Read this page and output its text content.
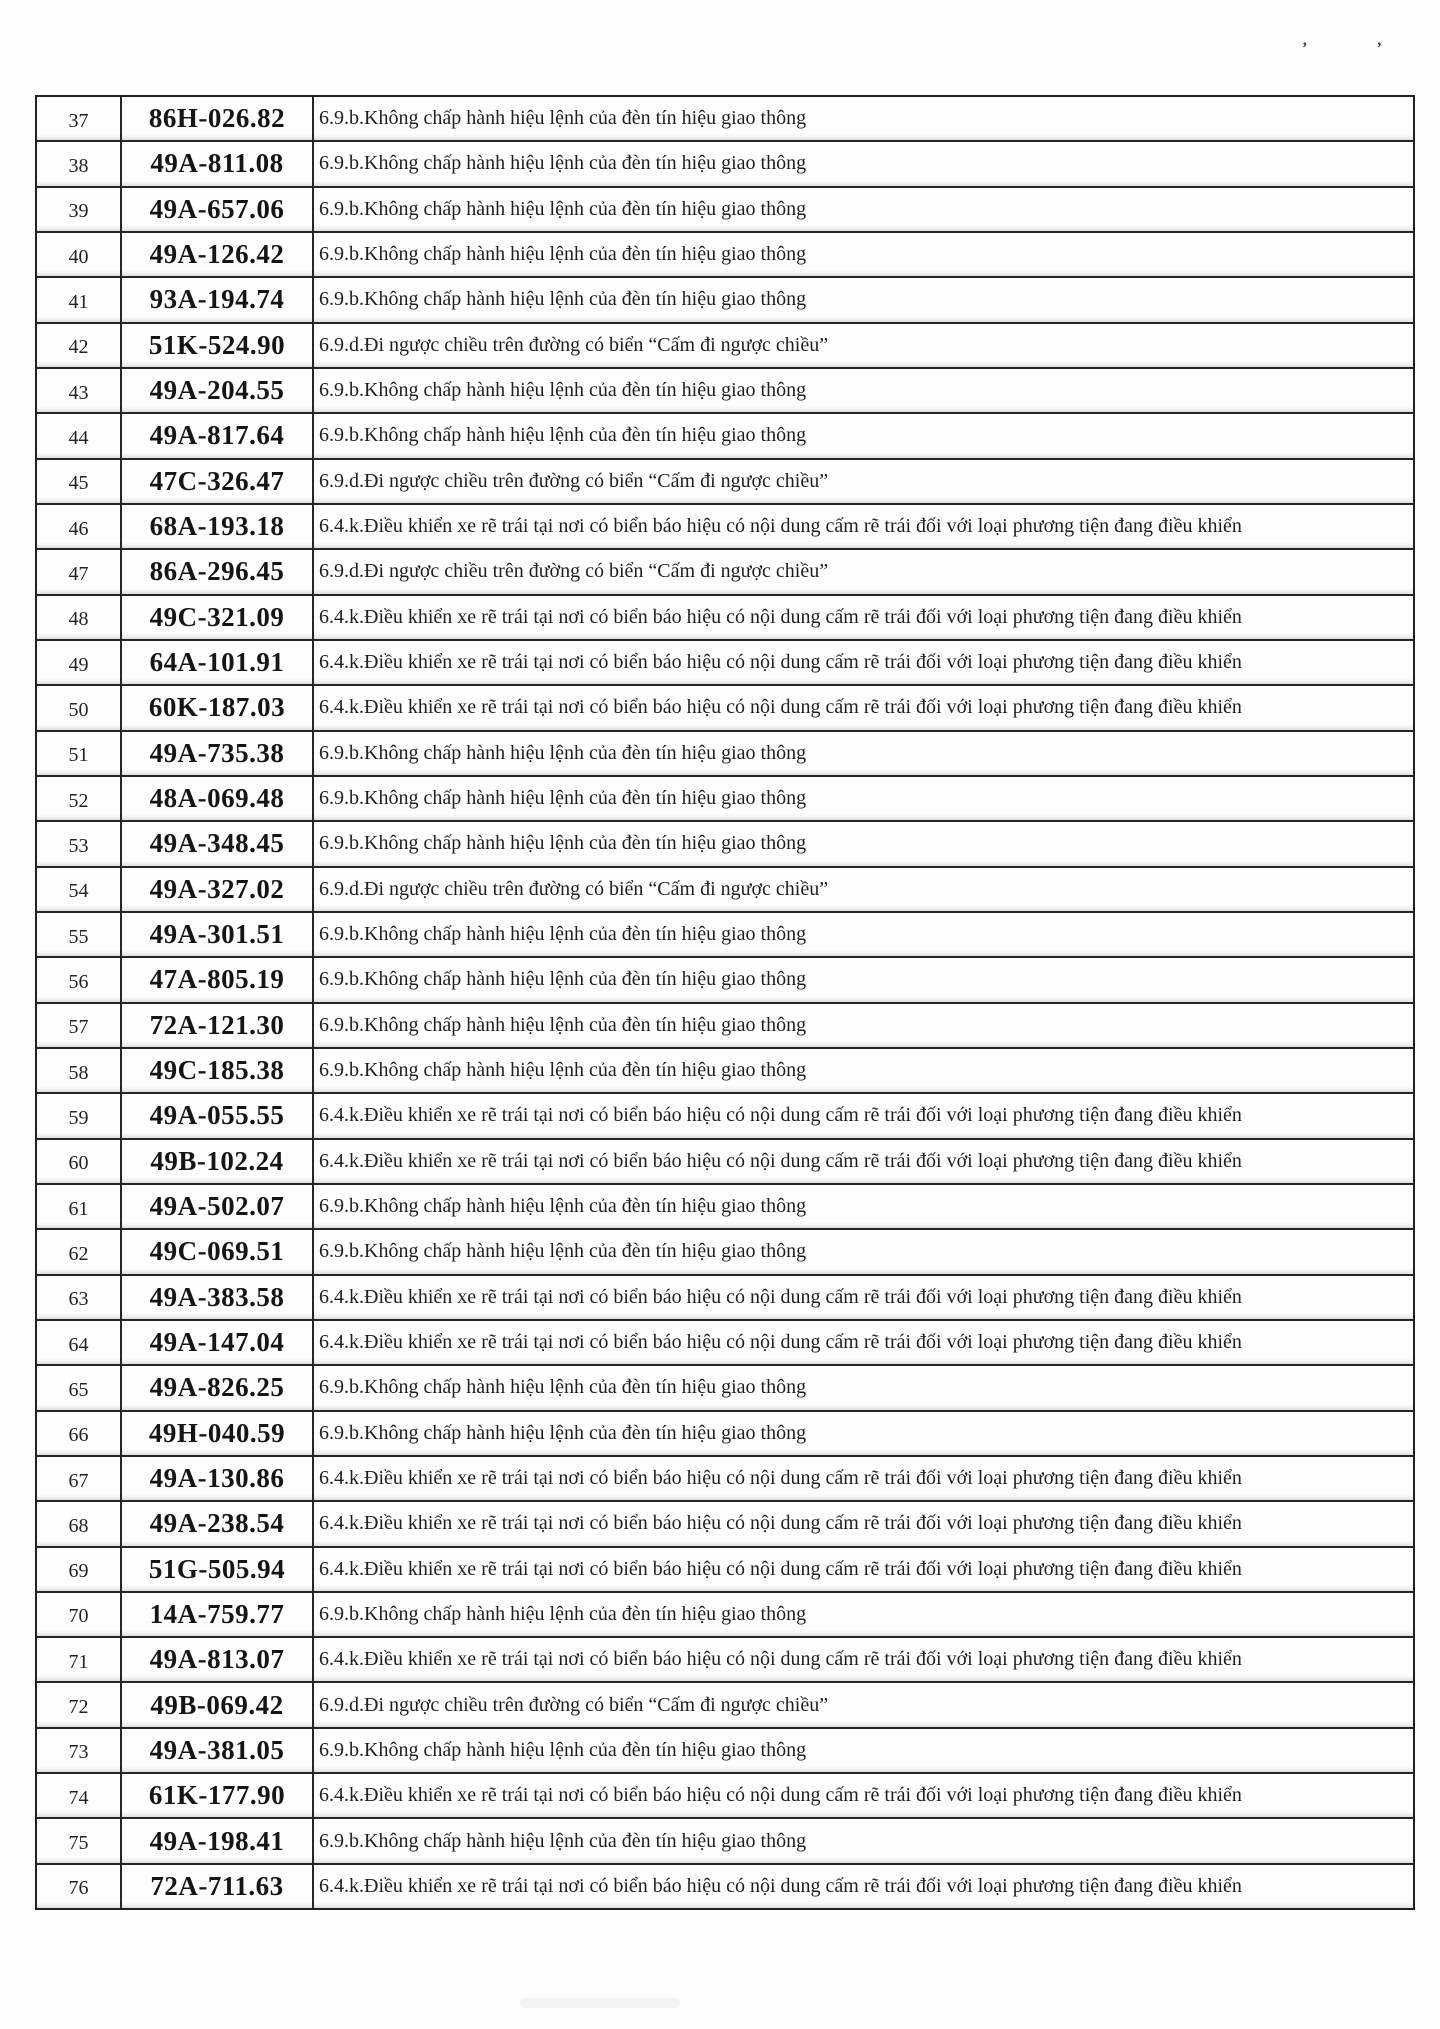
’	’
37 86H-026.82 6.9.b.Không chấp hành hiệu lệnh của đèn tín hiệu giao thông
38 49A-811.08 6.9.b.Không chấp hành hiệu lệnh của đèn tín hiệu giao thông
39 49A-657.06 6.9.b.Không chấp hành hiệu lệnh của đèn tín hiệu giao thông
40 49A-126.42 6.9.b.Không chấp hành hiệu lệnh của đèn tín hiệu giao thông
41 93A-194.74 6.9.b.Không chấp hành hiệu lệnh của đèn tín hiệu giao thông
42 51K-524.90 6.9.d.Đi ngược chiều trên đường có biển “Cấm đi ngược chiều”
43 49A-204.55 6.9.b.Không chấp hành hiệu lệnh của đèn tín hiệu giao thông
44 49A-817.64 6.9.b.Không chấp hành hiệu lệnh của đèn tín hiệu giao thông
45 47C-326.47 6.9.d.Đi ngược chiều trên đường có biển “Cấm đi ngược chiều”
46 68A-193.18 6.4.k.Điều khiển xe rẽ trái tại nơi có biển báo hiệu có nội dung cấm rẽ trái đối với loại phương tiện đang điều khiển
47 86A-296.45 6.9.d.Đi ngược chiều trên đường có biển “Cấm đi ngược chiều”
48 49C-321.09 6.4.k.Điều khiển xe rẽ trái tại nơi có biển báo hiệu có nội dung cấm rẽ trái đối với loại phương tiện đang điều khiển
49 64A-101.91 6.4.k.Điều khiển xe rẽ trái tại nơi có biển báo hiệu có nội dung cấm rẽ trái đối với loại phương tiện đang điều khiển
50 60K-187.03 6.4.k.Điều khiển xe rẽ trái tại nơi có biển báo hiệu có nội dung cấm rẽ trái đối với loại phương tiện đang điều khiển
51 49A-735.38 6.9.b.Không chấp hành hiệu lệnh của đèn tín hiệu giao thông
52 48A-069.48 6.9.b.Không chấp hành hiệu lệnh của đèn tín hiệu giao thông
53 49A-348.45 6.9.b.Không chấp hành hiệu lệnh của đèn tín hiệu giao thông
54 49A-327.02 6.9.d.Đi ngược chiều trên đường có biển “Cấm đi ngược chiều”
55 49A-301.51 6.9.b.Không chấp hành hiệu lệnh của đèn tín hiệu giao thông
56 47A-805.19 6.9.b.Không chấp hành hiệu lệnh của đèn tín hiệu giao thông
57 72A-121.30 6.9.b.Không chấp hành hiệu lệnh của đèn tín hiệu giao thông
58 49C-185.38 6.9.b.Không chấp hành hiệu lệnh của đèn tín hiệu giao thông
59 49A-055.55 6.4.k.Điều khiển xe rẽ trái tại nơi có biển báo hiệu có nội dung cấm rẽ trái đối với loại phương tiện đang điều khiển
60 49B-102.24 6.4.k.Điều khiển xe rẽ trái tại nơi có biển báo hiệu có nội dung cấm rẽ trái đối với loại phương tiện đang điều khiển
61 49A-502.07 6.9.b.Không chấp hành hiệu lệnh của đèn tín hiệu giao thông
62 49C-069.51 6.9.b.Không chấp hành hiệu lệnh của đèn tín hiệu giao thông
63 49A-383.58 6.4.k.Điều khiển xe rẽ trái tại nơi có biển báo hiệu có nội dung cấm rẽ trái đối với loại phương tiện đang điều khiển
64 49A-147.04 6.4.k.Điều khiển xe rẽ trái tại nơi có biển báo hiệu có nội dung cấm rẽ trái đối với loại phương tiện đang điều khiển
65 49A-826.25 6.9.b.Không chấp hành hiệu lệnh của đèn tín hiệu giao thông
66 49H-040.59 6.9.b.Không chấp hành hiệu lệnh của đèn tín hiệu giao thông
67 49A-130.86 6.4.k.Điều khiển xe rẽ trái tại nơi có biển báo hiệu có nội dung cấm rẽ trái đối với loại phương tiện đang điều khiển
68 49A-238.54 6.4.k.Điều khiển xe rẽ trái tại nơi có biển báo hiệu có nội dung cấm rẽ trái đối với loại phương tiện đang điều khiển
69 51G-505.94 6.4.k.Điều khiển xe rẽ trái tại nơi có biển báo hiệu có nội dung cấm rẽ trái đối với loại phương tiện đang điều khiển
70 14A-759.77 6.9.b.Không chấp hành hiệu lệnh của đèn tín hiệu giao thông
71 49A-813.07 6.4.k.Điều khiển xe rẽ trái tại nơi có biển báo hiệu có nội dung cấm rẽ trái đối với loại phương tiện đang điều khiển
72 49B-069.42 6.9.d.Đi ngược chiều trên đường có biển “Cấm đi ngược chiều”
73 49A-381.05 6.9.b.Không chấp hành hiệu lệnh của đèn tín hiệu giao thông
74 61K-177.90 6.4.k.Điều khiển xe rẽ trái tại nơi có biển báo hiệu có nội dung cấm rẽ trái đối với loại phương tiện đang điều khiển
75 49A-198.41 6.9.b.Không chấp hành hiệu lệnh của đèn tín hiệu giao thông
76 72A-711.63 6.4.k.Điều khiển xe rẽ trái tại nơi có biển báo hiệu có nội dung cấm rẽ trái đối với loại phương tiện đang điều khiển
